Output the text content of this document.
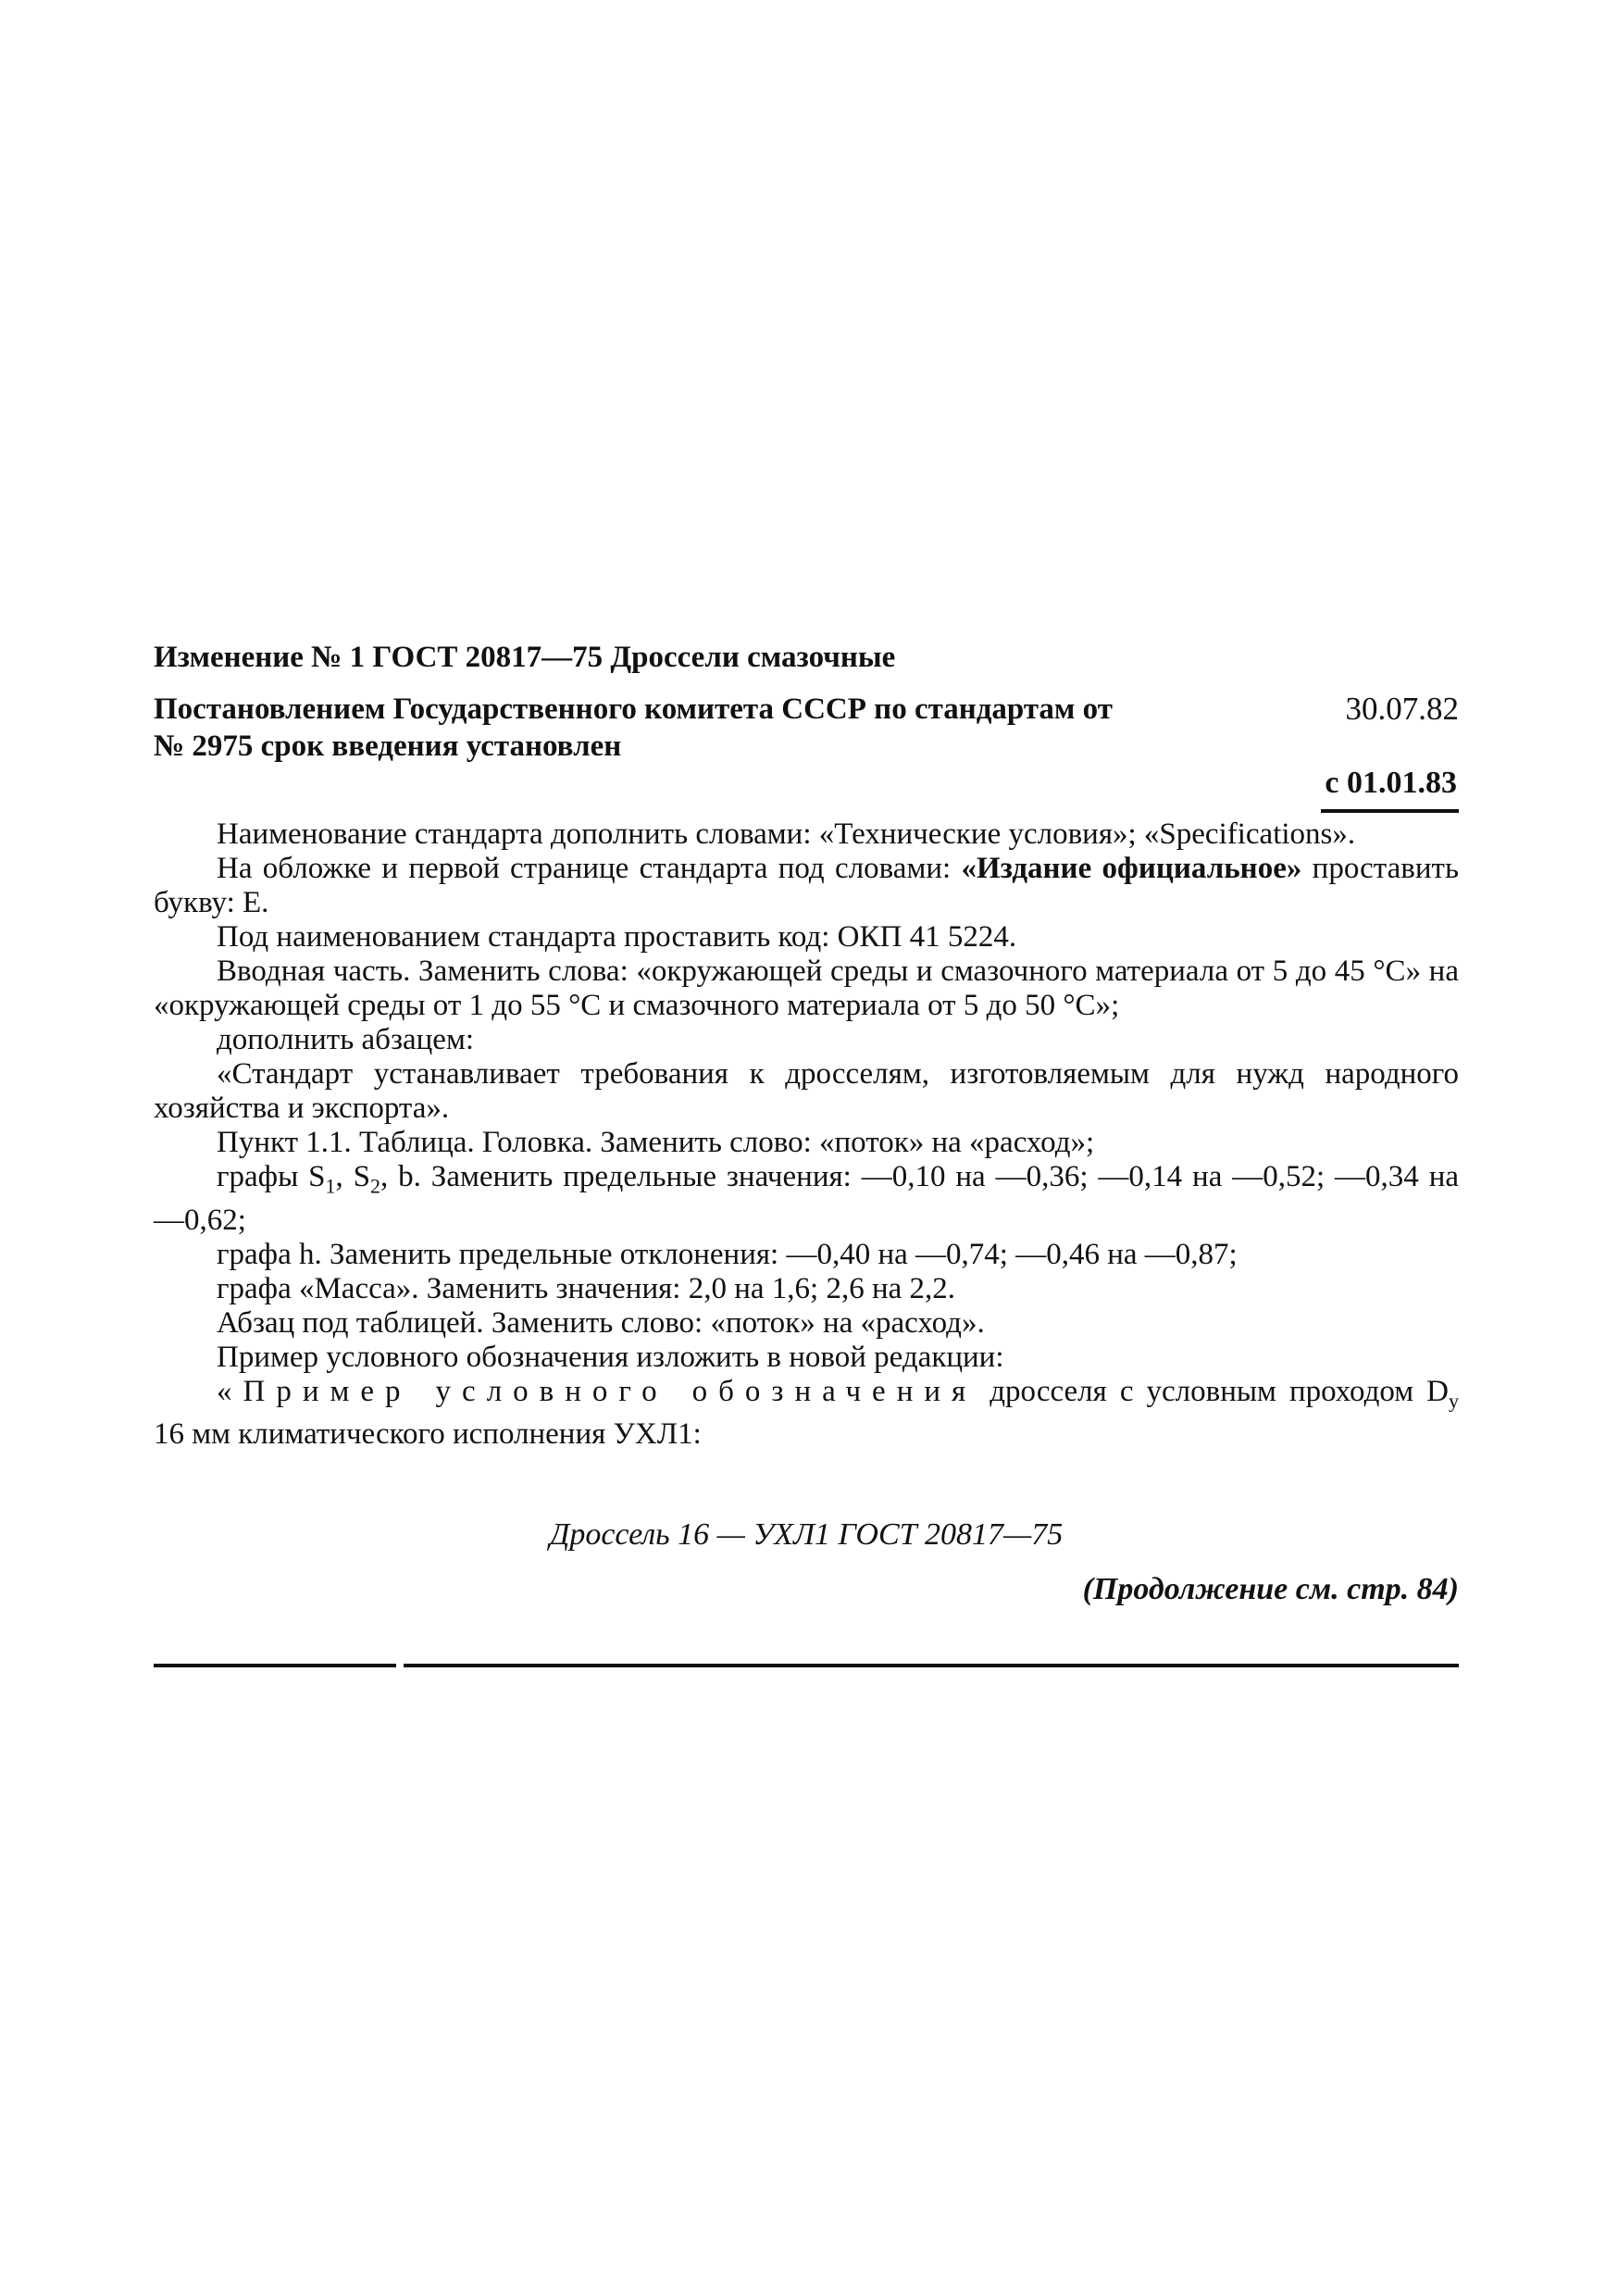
Изменение № 1 ГОСТ 20817—75 Дроссели смазочные
Постановлением Государственного комитета СССР по стандартам от	30.07.82
№ 2975 срок введения установлен
с 01.01.83

Наименование стандарта дополнить словами: «Технические условия»; «Specifications».

На обложке и первой странице стандарта под словами: «Издание официальное» проставить букву: Е.

Под наименованием стандарта проставить код: ОКП 41 5224.

Вводная часть. Заменить слова: «окружающей среды и смазочного материала от 5 до 45 °С» на «окружающей среды от 1 до 55 °С и смазочного материала от 5 до 50 °С»;

дополнить абзацем:

«Стандарт устанавливает требования к дросселям, изготовляемым для нужд народного хозяйства и экспорта».

Пункт 1.1. Таблица. Головка. Заменить слово: «поток» на «расход»;

графы $S_1$, $S_2$, b. Заменить предельные значения: —0,10 на —0,36; —0,14 на —0,52; —0,34 на —0,62;

графа h. Заменить предельные отклонения: —0,40 на —0,74; —0,46 на —0,87;

графа «Масса». Заменить значения: 2,0 на 1,6; 2,6 на 2,2.

Абзац под таблицей. Заменить слово: «поток» на «расход».

Пример условного обозначения изложить в новой редакции:

«Пример условного обозначения дросселя с условным проходом $D_у$ 16 мм климатического исполнения УХЛ1:

Дроссель 16 — УХЛ1 ГОСТ 20817—75
(Продолжение см. стр. 84)
